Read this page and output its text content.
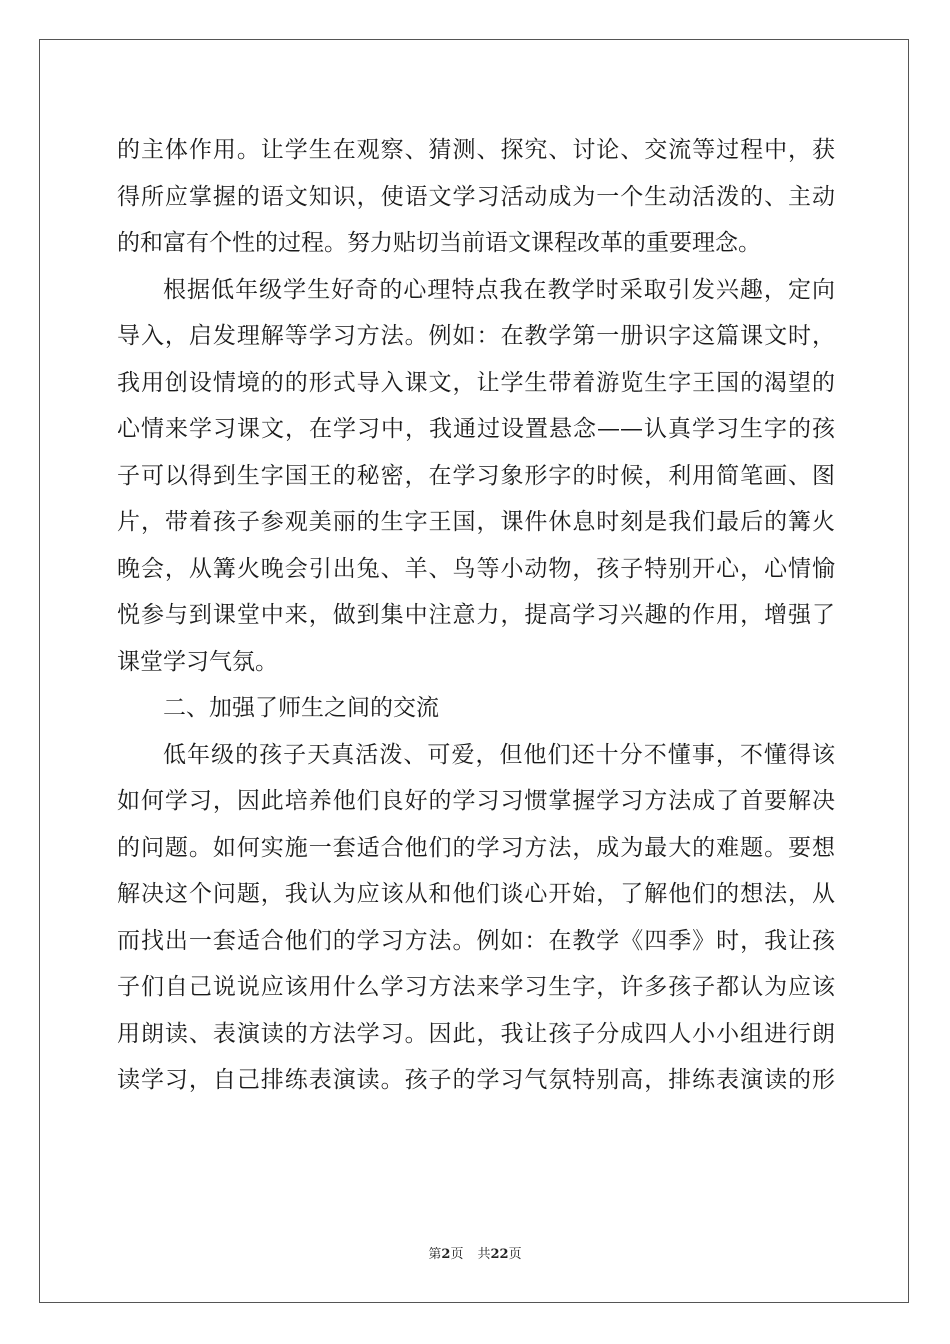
的主体作用。让学生在观察、猜测、探究、讨论、交流等过程中，获
得所应掌握的语文知识，使语文学习活动成为一个生动活泼的、主动
的和富有个性的过程。努力贴切当前语文课程改革的重要理念。
根据低年级学生好奇的心理特点我在教学时采取引发兴趣，定向
导入，启发理解等学习方法。例如：在教学第一册识字这篇课文时，
我用创设情境的的形式导入课文，让学生带着游览生字王国的渴望的
心情来学习课文，在学习中，我通过设置悬念——认真学习生字的孩
子可以得到生字国王的秘密，在学习象形字的时候，利用简笔画、图
片，带着孩子参观美丽的生字王国，课件休息时刻是我们最后的篝火
晚会，从篝火晚会引出兔、羊、鸟等小动物，孩子特别开心，心情愉
悦参与到课堂中来，做到集中注意力，提高学习兴趣的作用，增强了
课堂学习气氛。
二、加强了师生之间的交流
低年级的孩子天真活泼、可爱，但他们还十分不懂事，不懂得该
如何学习，因此培养他们良好的学习习惯掌握学习方法成了首要解决
的问题。如何实施一套适合他们的学习方法，成为最大的难题。要想
解决这个问题，我认为应该从和他们谈心开始，了解他们的想法，从
而找出一套适合他们的学习方法。例如：在教学《四季》时，我让孩
子们自己说说应该用什么学习方法来学习生字，许多孩子都认为应该
用朗读、表演读的方法学习。因此，我让孩子分成四人小小组进行朗
读学习，自己排练表演读。孩子的学习气氛特别高，排练表演读的形
第2页 共22页
